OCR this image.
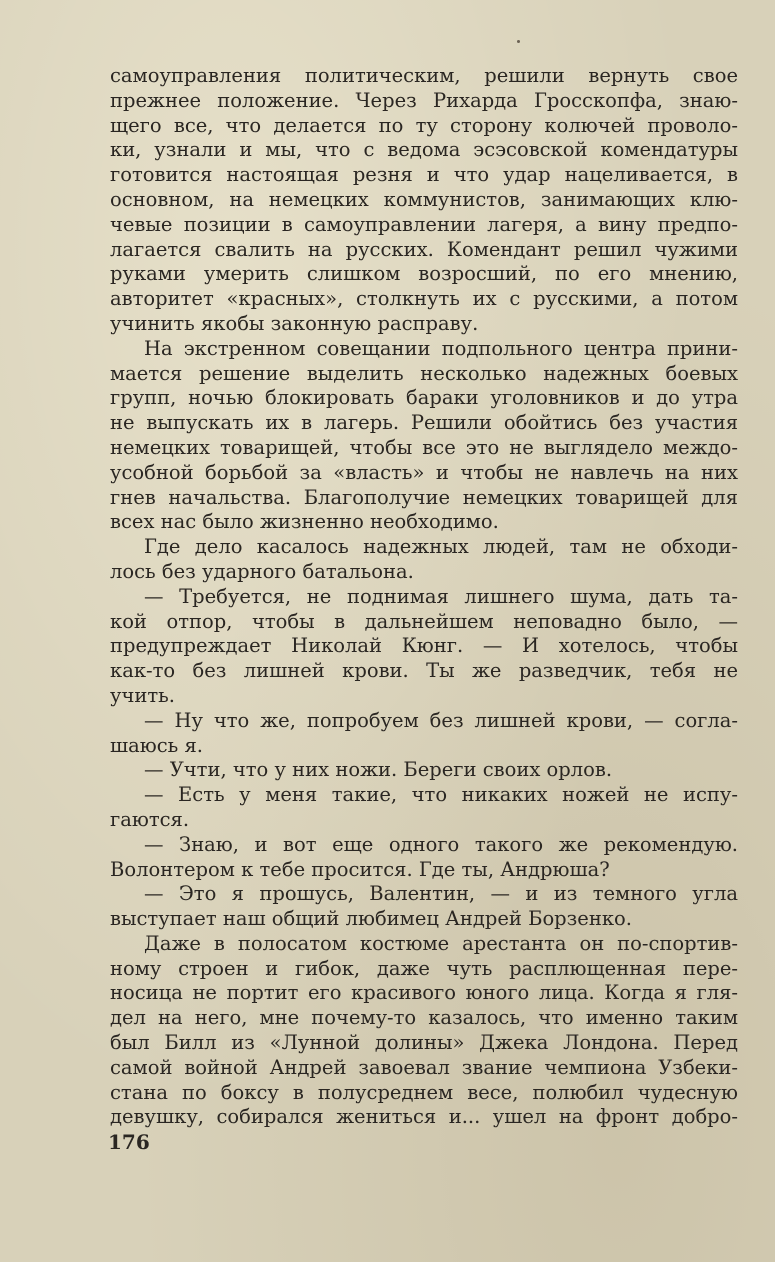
самоуправления политическим, решили вернуть свое
прежнее положение. Через Рихарда Гросскопфа, знаю-
щего все, что делается по ту сторону колючей проволо-
ки, узнали и мы, что с ведома эсэсовской комендатуры
готовится настоящая резня и что удар нацеливается, в
основном, на немецких коммунистов, занимающих клю-
чевые позиции в самоуправлении лагеря, а вину предпо-
лагается свалить на русских. Комендант решил чужими
руками умерить слишком возросший, по его мнению,
авторитет «красных», столкнуть их с русскими, а потом
учинить якобы законную расправу.
На экстренном совещании подпольного центра прини-
мается решение выделить несколько надежных боевых
групп, ночью блокировать бараки уголовников и до утра
не выпускать их в лагерь. Решили обойтись без участия
немецких товарищей, чтобы все это не выглядело междо-
усобной борьбой за «власть» и чтобы не навлечь на них
гнев начальства. Благополучие немецких товарищей для
всех нас было жизненно необходимо.
Где дело касалось надежных людей, там не обходи-
лось без ударного батальона.
— Требуется, не поднимая лишнего шума, дать та-
кой отпор, чтобы в дальнейшем неповадно было, —
предупреждает Николай Кюнг. — И хотелось, чтобы
как-то без лишней крови. Ты же разведчик, тебя не
учить.
— Ну что же, попробуем без лишней крови, — согла-
шаюсь я.
— Учти, что у них ножи. Береги своих орлов.
— Есть у меня такие, что никаких ножей не испу-
гаются.
— Знаю, и вот еще одного такого же рекомендую.
Волонтером к тебе просится. Где ты, Андрюша?
— Это я прошусь, Валентин, — и из темного угла
выступает наш общий любимец Андрей Борзенко.
Даже в полосатом костюме арестанта он по-спортив-
ному строен и гибок, даже чуть расплющенная пере-
носица не портит его красивого юного лица. Когда я гля-
дел на него, мне почему-то казалось, что именно таким
был Билл из «Лунной долины» Джека Лондона. Перед
самой войной Андрей завоевал звание чемпиона Узбеки-
стана по боксу в полусреднем весе, полюбил чудесную
девушку, собирался жениться и... ушел на фронт добро-
176
